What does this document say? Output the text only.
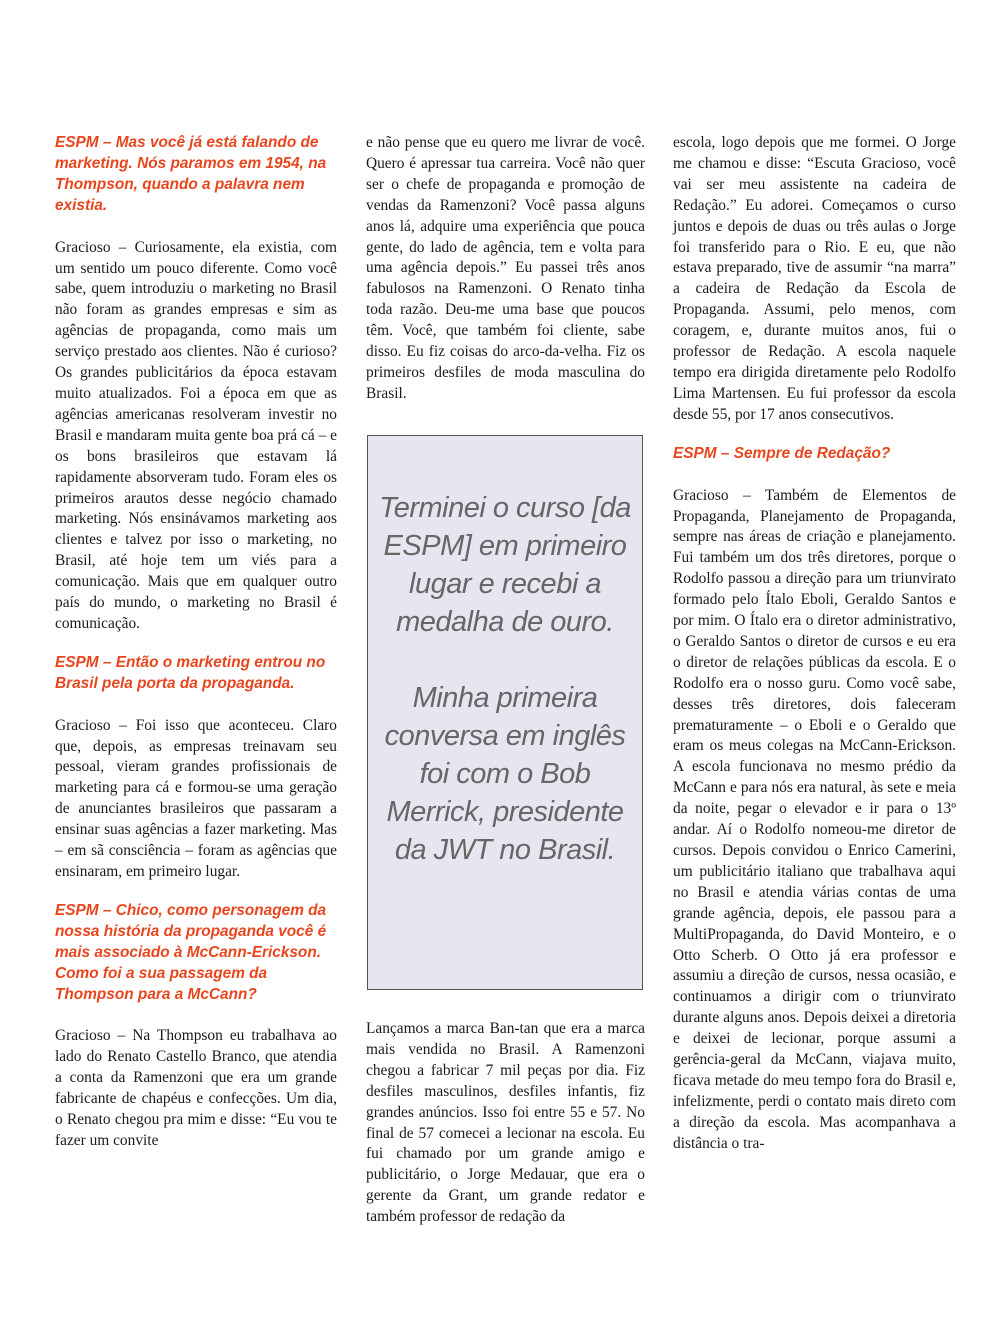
ESPM – Mas você já está falando de marketing. Nós paramos em 1954, na Thompson, quando a palavra nem existia.

Gracioso – Curiosamente, ela existia, com um sentido um pouco diferente. Como você sabe, quem introduziu o marketing no Brasil não foram as grandes empresas e sim as agências de propaganda, como mais um serviço prestado aos clientes. Não é curioso? Os grandes publicitários da época estavam muito atualizados. Foi a época em que as agências americanas resolveram investir no Brasil e mandaram muita gente boa prá cá – e os bons brasileiros que estavam lá rapidamente absorveram tudo. Foram eles os primeiros arautos desse negócio chamado marketing. Nós ensinávamos marketing aos clientes e talvez por isso o marketing, no Brasil, até hoje tem um viés para a comunicação. Mais que em qualquer outro país do mundo, o marketing no Brasil é comunicação.

ESPM – Então o marketing entrou no Brasil pela porta da propaganda.

Gracioso – Foi isso que aconteceu. Claro que, depois, as empresas treinavam seu pessoal, vieram grandes profissionais de marketing para cá e formou-se uma geração de anunciantes brasileiros que passaram a ensinar suas agências a fazer marketing. Mas – em sã consciência – foram as agências que ensinaram, em primeiro lugar.

ESPM – Chico, como personagem da nossa história da propaganda você é mais associado à McCann-Erickson. Como foi a sua passagem da Thompson para a McCann?

Gracioso – Na Thompson eu trabalhava ao lado do Renato Castello Branco, que atendia a conta da Ramenzoni que era um grande fabricante de chapéus e confecções. Um dia, o Renato chegou pra mim e disse: “Eu vou te fazer um convite

e não pense que eu quero me livrar de você. Quero é apressar tua carreira. Você não quer ser o chefe de propaganda e promoção de vendas da Ramenzoni? Você passa alguns anos lá, adquire uma experiência que pouca gente, do lado de agência, tem e volta para uma agência depois.” Eu passei três anos fabulosos na Ramenzoni. O Renato tinha toda razão. Deu-me uma base que poucos têm. Você, que também foi cliente, sabe disso. Eu fiz coisas do arco-da-velha. Fiz os primeiros desfiles de moda masculina do Brasil.

Terminei o curso [da ESPM] em primeiro lugar e recebi a medalha de ouro.

Minha primeira conversa em inglês foi com o Bob Merrick, presidente da JWT no Brasil.

Lançamos a marca Ban-tan que era a marca mais vendida no Brasil. A Ramenzoni chegou a fabricar 7 mil peças por dia. Fiz desfiles masculinos, desfiles infantis, fiz grandes anúncios. Isso foi entre 55 e 57. No final de 57 comecei a lecionar na escola. Eu fui chamado por um grande amigo e publicitário, o Jorge Medauar, que era o gerente da Grant, um grande redator e também professor de redação da

escola, logo depois que me formei. O Jorge me chamou e disse: “Escuta Gracioso, você vai ser meu assistente na cadeira de Redação.” Eu adorei. Começamos o curso juntos e depois de duas ou três aulas o Jorge foi transferido para o Rio. E eu, que não estava preparado, tive de assumir “na marra” a cadeira de Redação da Escola de Propaganda. Assumi, pelo menos, com coragem, e, durante muitos anos, fui o professor de Redação. A escola naquele tempo era dirigida diretamente pelo Rodolfo Lima Martensen. Eu fui professor da escola desde 55, por 17 anos consecutivos.

ESPM – Sempre de Redação?

Gracioso – Também de Elementos de Propaganda, Planejamento de Propaganda, sempre nas áreas de criação e planejamento. Fui também um dos três diretores, porque o Rodolfo passou a direção para um triunvirato formado pelo Ítalo Eboli, Geraldo Santos e por mim. O Ítalo era o diretor administrativo, o Geraldo Santos o diretor de cursos e eu era o diretor de relações públicas da escola. E o Rodolfo era o nosso guru. Como você sabe, desses três diretores, dois faleceram prematuramente – o Eboli e o Geraldo que eram os meus colegas na McCann-Erickson. A escola funcionava no mesmo prédio da McCann e para nós era natural, às sete e meia da noite, pegar o elevador e ir para o 13º andar. Aí o Rodolfo nomeou-me diretor de cursos. Depois convidou o Enrico Camerini, um publicitário italiano que trabalhava aqui no Brasil e atendia várias contas de uma grande agência, depois, ele passou para a MultiPropaganda, do David Monteiro, e o Otto Scherb. O Otto já era professor e assumiu a direção de cursos, nessa ocasião, e continuamos a dirigir com o triunvirato durante alguns anos. Depois deixei a diretoria e deixei de lecionar, porque assumi a gerência-geral da McCann, viajava muito, ficava metade do meu tempo fora do Brasil e, infelizmente, perdi o contato mais direto com a direção da escola. Mas acompanhava a distância o tra-
